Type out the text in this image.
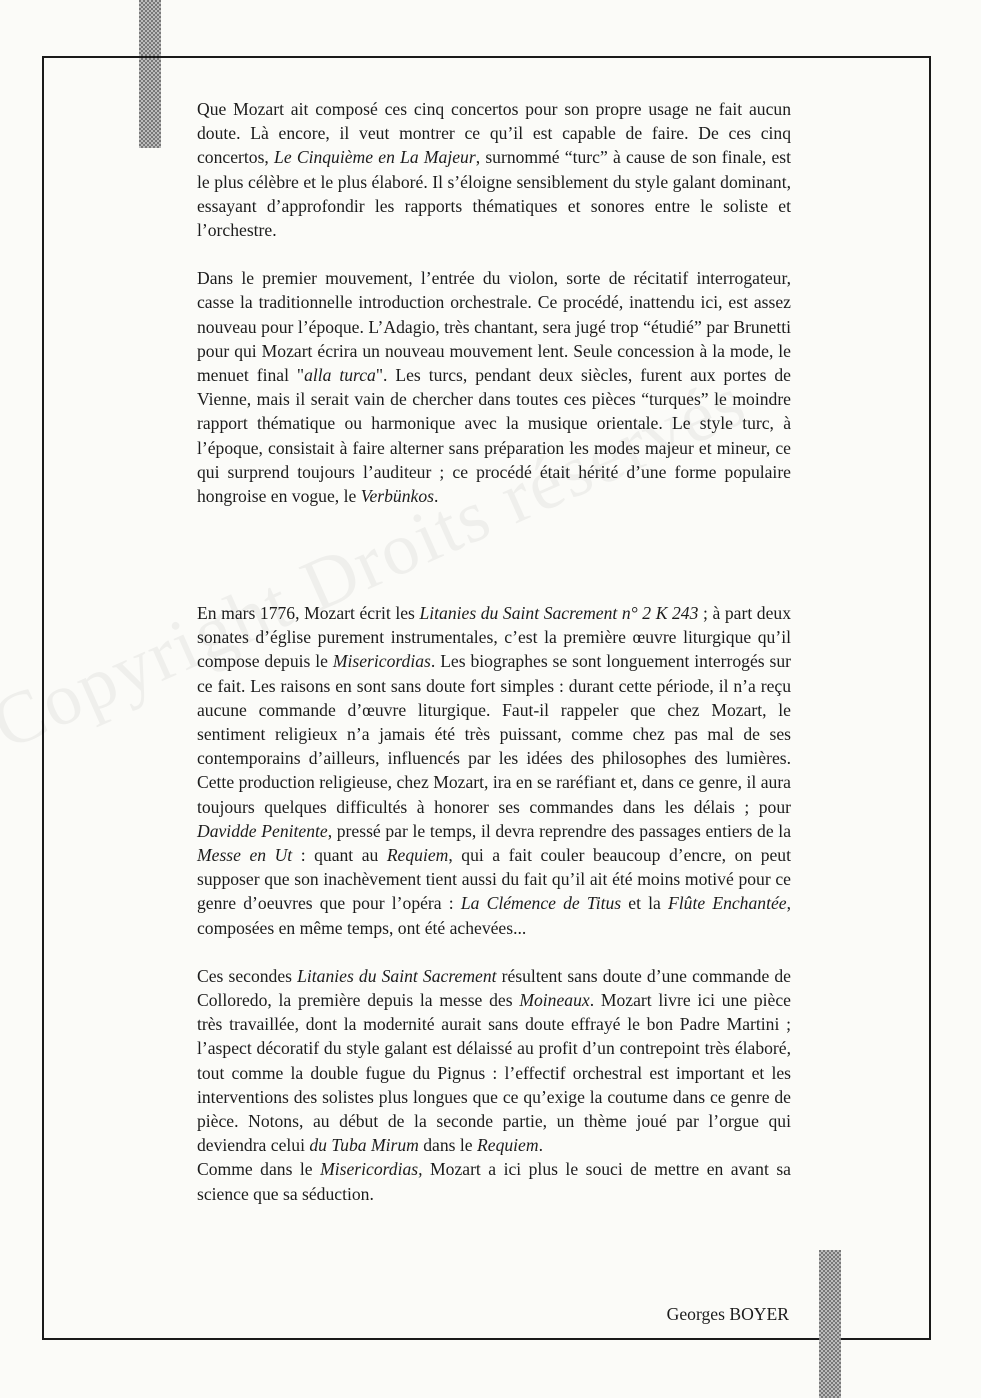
Que Mozart ait composé ces cinq concertos pour son propre usage ne fait aucun doute. Là encore, il veut montrer ce qu’il est capable de faire. De ces cinq concertos, Le Cinquième en La Majeur, surnommé “turc” à cause de son finale, est le plus célèbre et le plus élaboré. Il s’éloigne sensiblement du style galant dominant, essayant d’approfondir les rapports thématiques et sonores entre le soliste et l’orchestre.

Dans le premier mouvement, l’entrée du violon, sorte de récitatif interrogateur, casse la traditionnelle introduction orchestrale. Ce procédé, inattendu ici, est assez nouveau pour l’époque. L’Adagio, très chantant, sera jugé trop “étudié” par Brunetti pour qui Mozart écrira un nouveau mouvement lent. Seule concession à la mode, le menuet final "alla turca". Les turcs, pendant deux siècles, furent aux portes de Vienne, mais il serait vain de chercher dans toutes ces pièces “turques” le moindre rapport thématique ou harmonique avec la musique orientale. Le style turc, à l’époque, consistait à faire alterner sans préparation les modes majeur et mineur, ce qui surprend toujours l’auditeur ; ce procédé était hérité d’une forme populaire hongroise en vogue, le Verbünkos.

En mars 1776, Mozart écrit les Litanies du Saint Sacrement n° 2 K 243 ; à part deux sonates d’église purement instrumentales, c’est la première œuvre liturgique qu’il compose depuis le Misericordias. Les biographes se sont longuement interrogés sur ce fait. Les raisons en sont sans doute fort simples : durant cette période, il n’a reçu aucune commande d’œuvre liturgique. Faut-il rappeler que chez Mozart, le sentiment religieux n’a jamais été très puissant, comme chez pas mal de ses contemporains d’ailleurs, influencés par les idées des philosophes des lumières. Cette production religieuse, chez Mozart, ira en se raréfiant et, dans ce genre, il aura toujours quelques difficultés à honorer ses commandes dans les délais ; pour Davidde Penitente, pressé par le temps, il devra reprendre des passages entiers de la Messe en Ut : quant au Requiem, qui a fait couler beaucoup d’encre, on peut supposer que son inachèvement tient aussi du fait qu’il ait été moins motivé pour ce genre d’oeuvres que pour l’opéra : La Clémence de Titus et la Flûte Enchantée, composées en même temps, ont été achevées...

Ces secondes Litanies du Saint Sacrement résultent sans doute d’une commande de Colloredo, la première depuis la messe des Moineaux. Mozart livre ici une pièce très travaillée, dont la modernité aurait sans doute effrayé le bon Padre Martini ; l’aspect décoratif du style galant est délaissé au profit d’un contrepoint très élaboré, tout comme la double fugue du Pignus : l’effectif orchestral est important et les interventions des solistes plus longues que ce qu’exige la coutume dans ce genre de pièce. Notons, au début de la seconde partie, un thème joué par l’orgue qui deviendra celui du Tuba Mirum dans le Requiem.

Comme dans le Misericordias, Mozart a ici plus le souci de mettre en avant sa science que sa séduction.

Georges BOYER
